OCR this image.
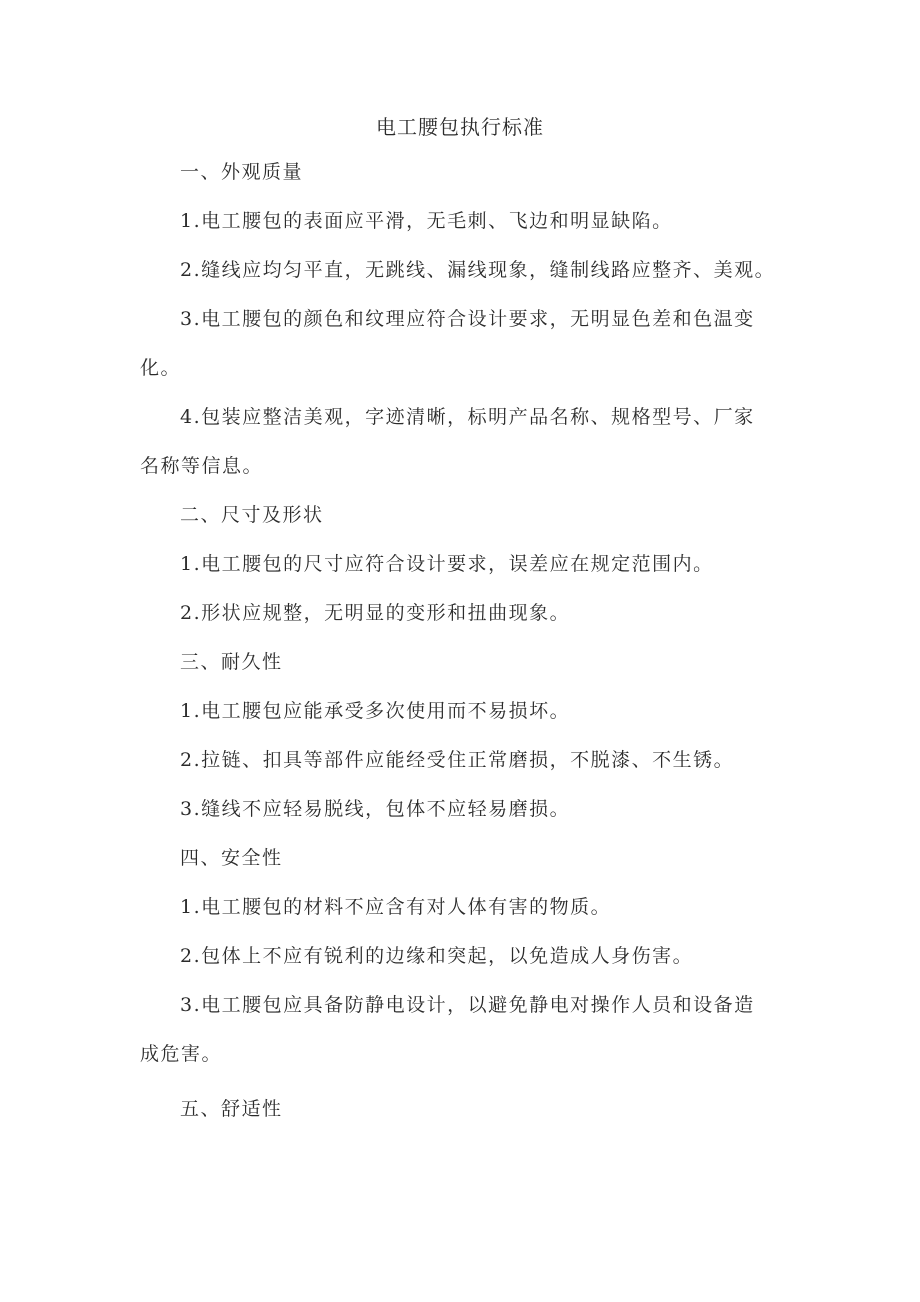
电工腰包执行标准

一、外观质量

1.电工腰包的表面应平滑，无毛刺、飞边和明显缺陷。

2.缝线应均匀平直，无跳线、漏线现象，缝制线路应整齐、美观。

3.电工腰包的颜色和纹理应符合设计要求，无明显色差和色温变

化。

4.包装应整洁美观，字迹清晰，标明产品名称、规格型号、厂家

名称等信息。

二、尺寸及形状

1.电工腰包的尺寸应符合设计要求，误差应在规定范围内。

2.形状应规整，无明显的变形和扭曲现象。

三、耐久性

1.电工腰包应能承受多次使用而不易损坏。

2.拉链、扣具等部件应能经受住正常磨损，不脱漆、不生锈。

3.缝线不应轻易脱线，包体不应轻易磨损。

四、安全性

1.电工腰包的材料不应含有对人体有害的物质。

2.包体上不应有锐利的边缘和突起，以免造成人身伤害。

3.电工腰包应具备防静电设计，以避免静电对操作人员和设备造

成危害。

五、舒适性
